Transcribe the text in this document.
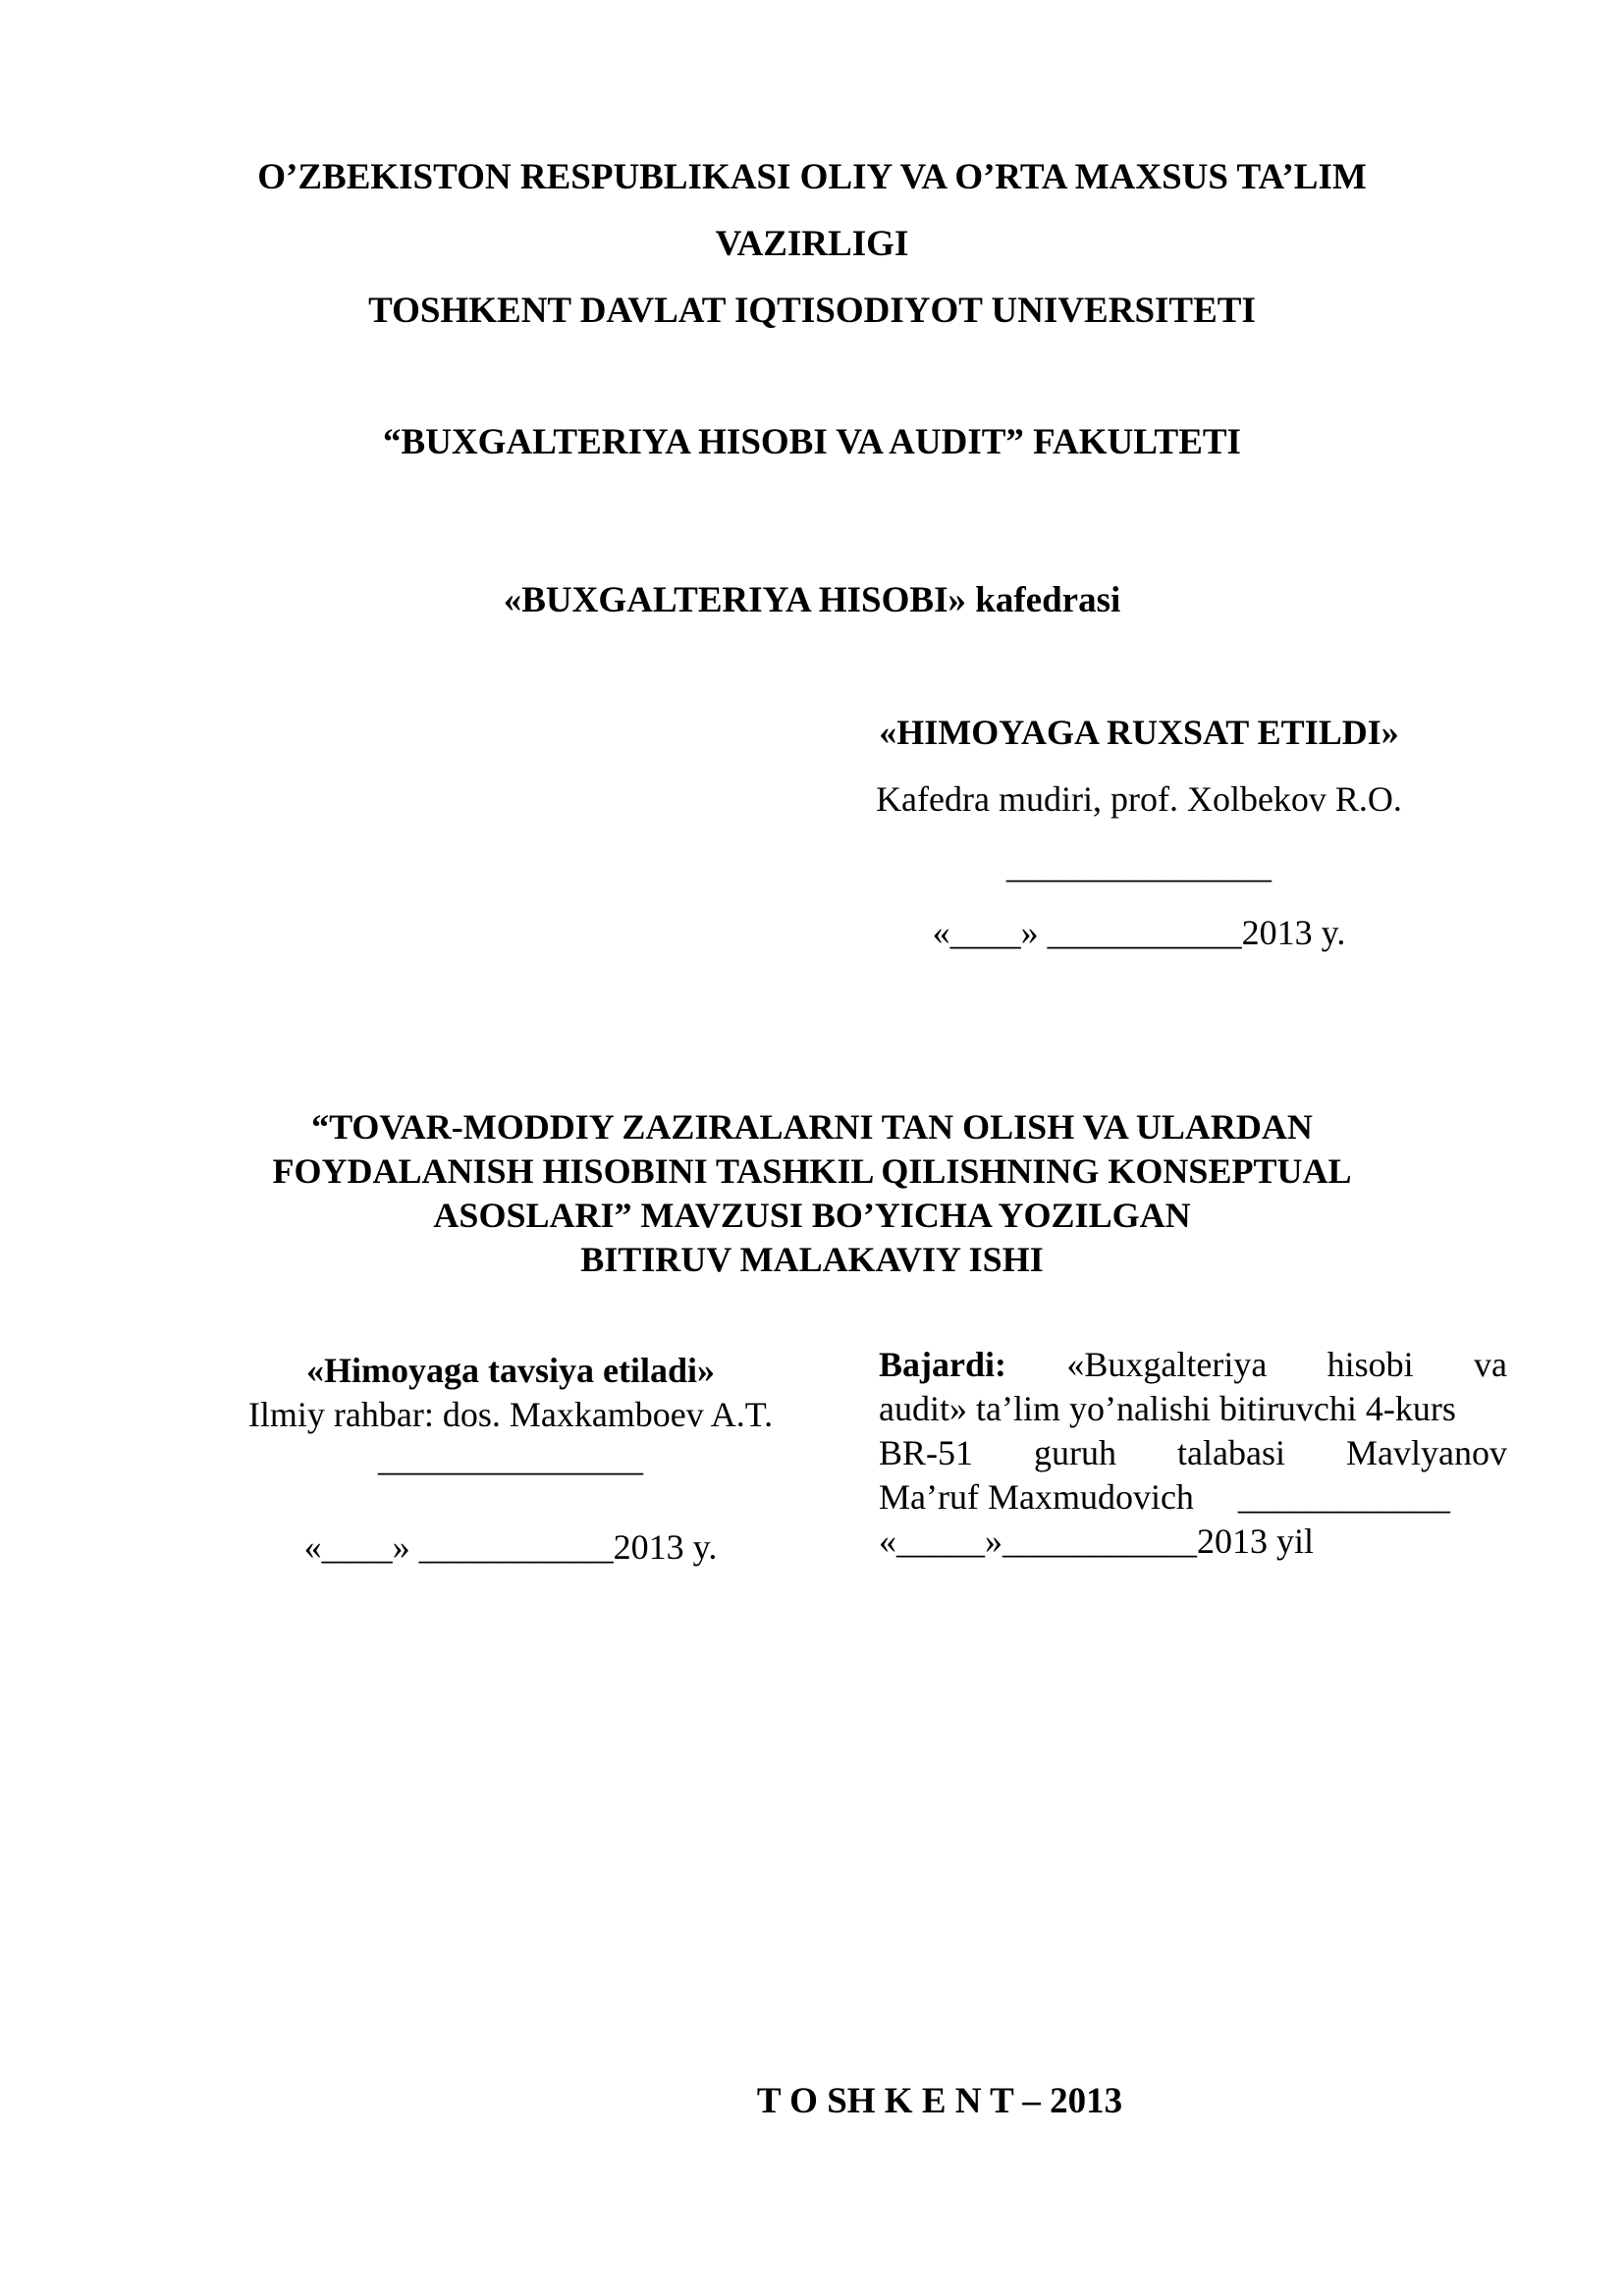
O’ZBEKISTON RESPUBLIKASI OLIY VA O’RTA MAXSUS TA’LIM
VAZIRLIGI
TOSHKENT DAVLAT IQTISODIYOT UNIVERSITETI
“BUXGALTERIYA HISOBI VA AUDIT” FAKULTETI
«BUXGALTERIYA HISOBI» kafedrasi
«HIMOYAGA RUXSAT ETILDI»
Kafedra mudiri, prof. Xolbekov R.O.
_______________
«____» ___________2013 y.
“TOVAR-MODDIY ZAZIRALARNI TAN OLISH VA ULARDAN
FOYDALANISH HISOBINI TASHKIL QILISHNING KONSEPTUAL
ASOSLARI” MAVZUSI BO’YICHA YOZILGAN
BITIRUV MALAKAVIY ISHI
«Himoyaga tavsiya etiladi»
Ilmiy rahbar: dos. Maxkamboev A.T.
_______________
«____» ___________2013 y.
Bajardi: «Buxgalteriya hisobi va
audit» ta’lim yo’nalishi bitiruvchi 4-kurs
BR-51 guruh talabasi Mavlyanov
Ma’ruf Maxmudovich     ____________
«_____»___________2013 yil
T O SH K E N T – 2013
